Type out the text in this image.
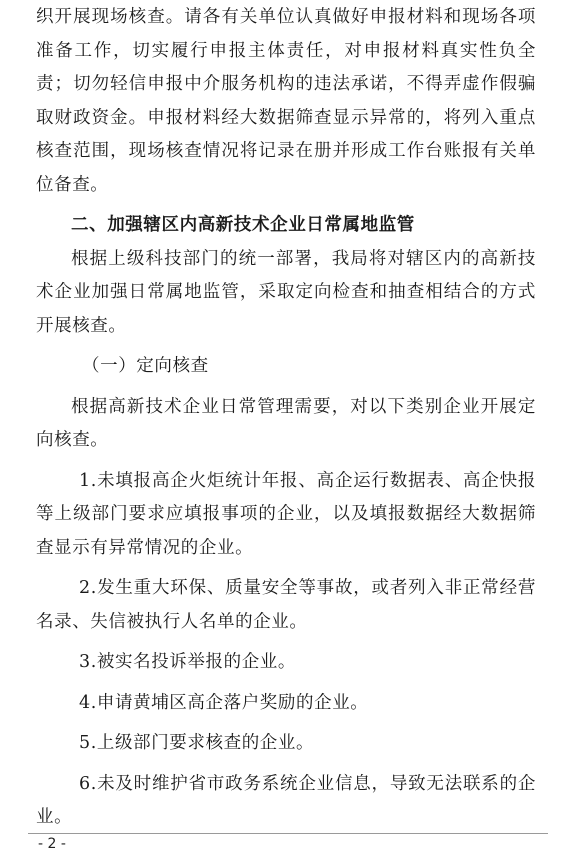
织开展现场核查。请各有关单位认真做好申报材料和现场各项准备工作，切实履行申报主体责任，对申报材料真实性负全责；切勿轻信申报中介服务机构的违法承诺，不得弄虚作假骗取财政资金。申报材料经大数据筛查显示异常的，将列入重点核查范围，现场核查情况将记录在册并形成工作台账报有关单位备查。

二、加强辖区内高新技术企业日常属地监管

根据上级科技部门的统一部署，我局将对辖区内的高新技术企业加强日常属地监管，采取定向检查和抽查相结合的方式开展核查。

（一）定向核查

根据高新技术企业日常管理需要，对以下类别企业开展定向核查。

1.未填报高企火炬统计年报、高企运行数据表、高企快报等上级部门要求应填报事项的企业，以及填报数据经大数据筛查显示有异常情况的企业。

2.发生重大环保、质量安全等事故，或者列入非正常经营名录、失信被执行人名单的企业。

3.被实名投诉举报的企业。

4.申请黄埔区高企落户奖励的企业。

5.上级部门要求核查的企业。

6.未及时维护省市政务系统企业信息，导致无法联系的企业。

- 2 -
